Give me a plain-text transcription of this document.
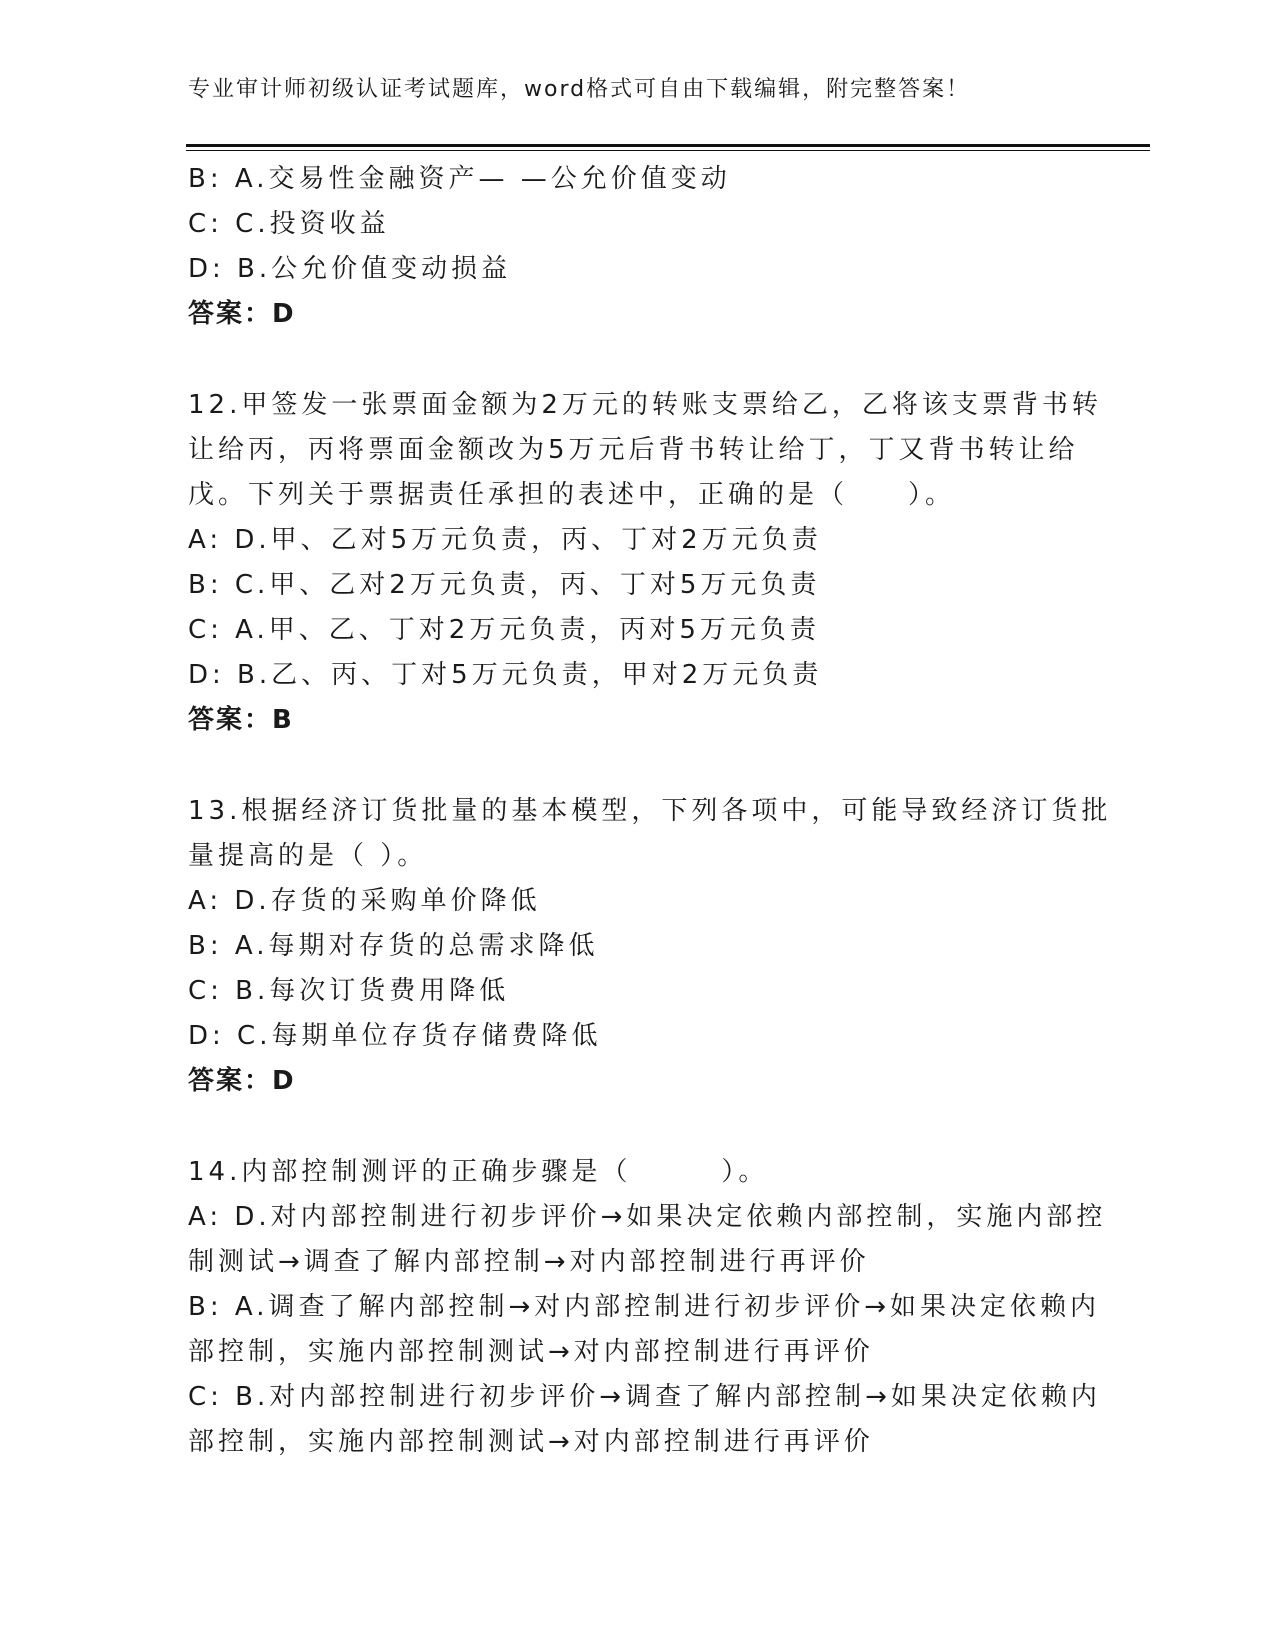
专业审计师初级认证考试题库，word格式可自由下载编辑，附完整答案！
B: A.交易性金融资产— —公允价值变动
C: C.投资收益
D: B.公允价值变动损益
答案：D
12.甲签发一张票面金额为2万元的转账支票给乙，乙将该支票背书转
让给丙，丙将票面金额改为5万元后背书转让给丁，丁又背书转让给
戊。下列关于票据责任承担的表述中，正确的是（　　）。
A: D.甲、乙对5万元负责，丙、丁对2万元负责
B: C.甲、乙对2万元负责，丙、丁对5万元负责
C: A.甲、乙、丁对2万元负责，丙对5万元负责
D: B.乙、丙、丁对5万元负责，甲对2万元负责
答案：B
13.根据经济订货批量的基本模型，下列各项中，可能导致经济订货批
量提高的是（ ）。
A: D.存货的采购单价降低
B: A.每期对存货的总需求降低
C: B.每次订货费用降低
D: C.每期单位存货存储费降低
答案：D
14.内部控制测评的正确步骤是（　　　）。
A: D.对内部控制进行初步评价→如果决定依赖内部控制，实施内部控
制测试→调查了解内部控制→对内部控制进行再评价
B: A.调查了解内部控制→对内部控制进行初步评价→如果决定依赖内
部控制，实施内部控制测试→对内部控制进行再评价
C: B.对内部控制进行初步评价→调查了解内部控制→如果决定依赖内
部控制，实施内部控制测试→对内部控制进行再评价
